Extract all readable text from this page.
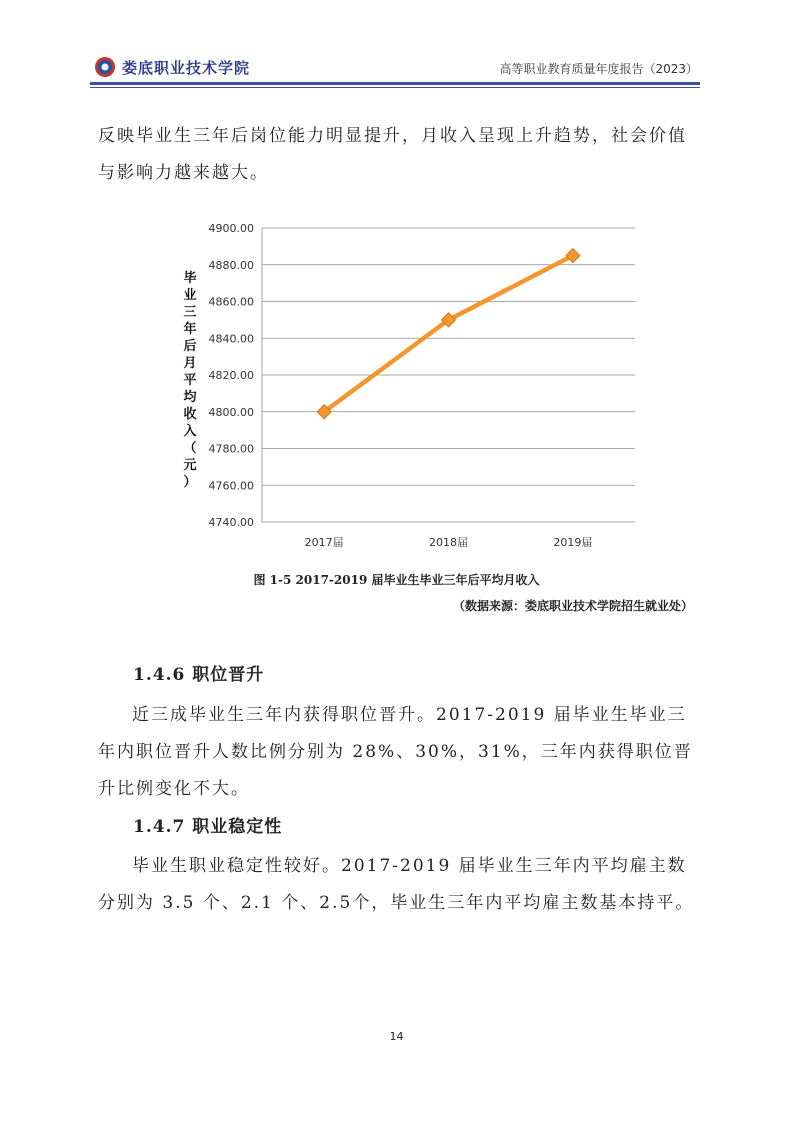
娄底职业技术学院	高等职业教育质量年度报告（2023）
反映毕业生三年后岗位能力明显提升，月收入呈现上升趋势，社会价值与影响力越来越大。
4900.00
4880.00
4860.00
4840.00
4820.00
4800.00
4780.00
4760.00
4740.00
2017届	2018届	2019届
毕业三年后月平均收入（元）
图 1-5 2017-2019 届毕业生毕业三年后平均月收入
（数据来源：娄底职业技术学院招生就业处）
1.4.6 职位晋升
近三成毕业生三年内获得职位晋升。2017-2019 届毕业生毕业三年内职位晋升人数比例分别为 28%、30%，31%，三年内获得职位晋升比例变化不大。
1.4.7 职业稳定性
毕业生职业稳定性较好。2017-2019 届毕业生三年内平均雇主数分别为 3.5 个、2.1 个、2.5个，毕业生三年内平均雇主数基本持平。
14
